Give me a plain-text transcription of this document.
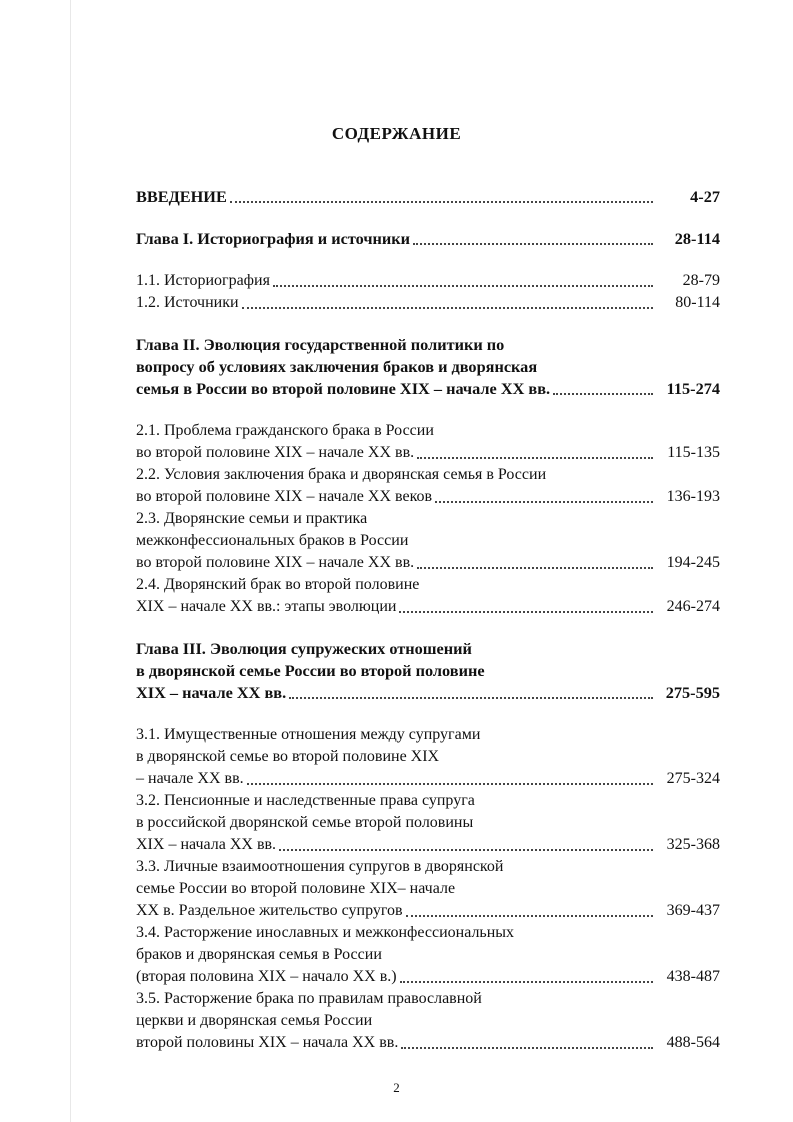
СОДЕРЖАНИЕ
ВВЕДЕНИЕ	4-27
Глава I. Историография и источники	28-114
1.1. Историография	28-79
1.2. Источники	80-114
Глава II. Эволюция государственной политики по
вопросу об условиях заключения браков и дворянская
семья в России во второй половине XIX – начале XX вв.	115-274
2.1. Проблема гражданского брака в России
во второй половине XIX – начале XX вв.	115-135
2.2. Условия заключения брака и дворянская семья в России
во второй половине XIX – начале XX веков	136-193
2.3. Дворянские семьи и практика
межконфессиональных браков в России
во второй половине XIX – начале XX вв.	194-245
2.4. Дворянский брак во второй половине
XIX – начале XX вв.: этапы эволюции	246-274
Глава III. Эволюция супружеских отношений
в дворянской семье России во второй половине
XIX – начале XX вв.	275-595
3.1. Имущественные отношения между супругами
в дворянской семье во второй половине XIX
– начале XX вв.	275-324
3.2. Пенсионные и наследственные права супруга
в российской дворянской семье второй половины
XIX – начала XX вв.	325-368
3.3. Личные взаимоотношения супругов в дворянской
семье России во второй половине XIX– начале
XX в. Раздельное жительство супругов	369-437
3.4. Расторжение инославных и межконфессиональных
браков и дворянская семья в России
(вторая половина XIX – начало XX в.)	438-487
3.5. Расторжение брака по правилам православной
церкви и дворянская семья России
второй половины XIX – начала XX вв.	488-564
2
